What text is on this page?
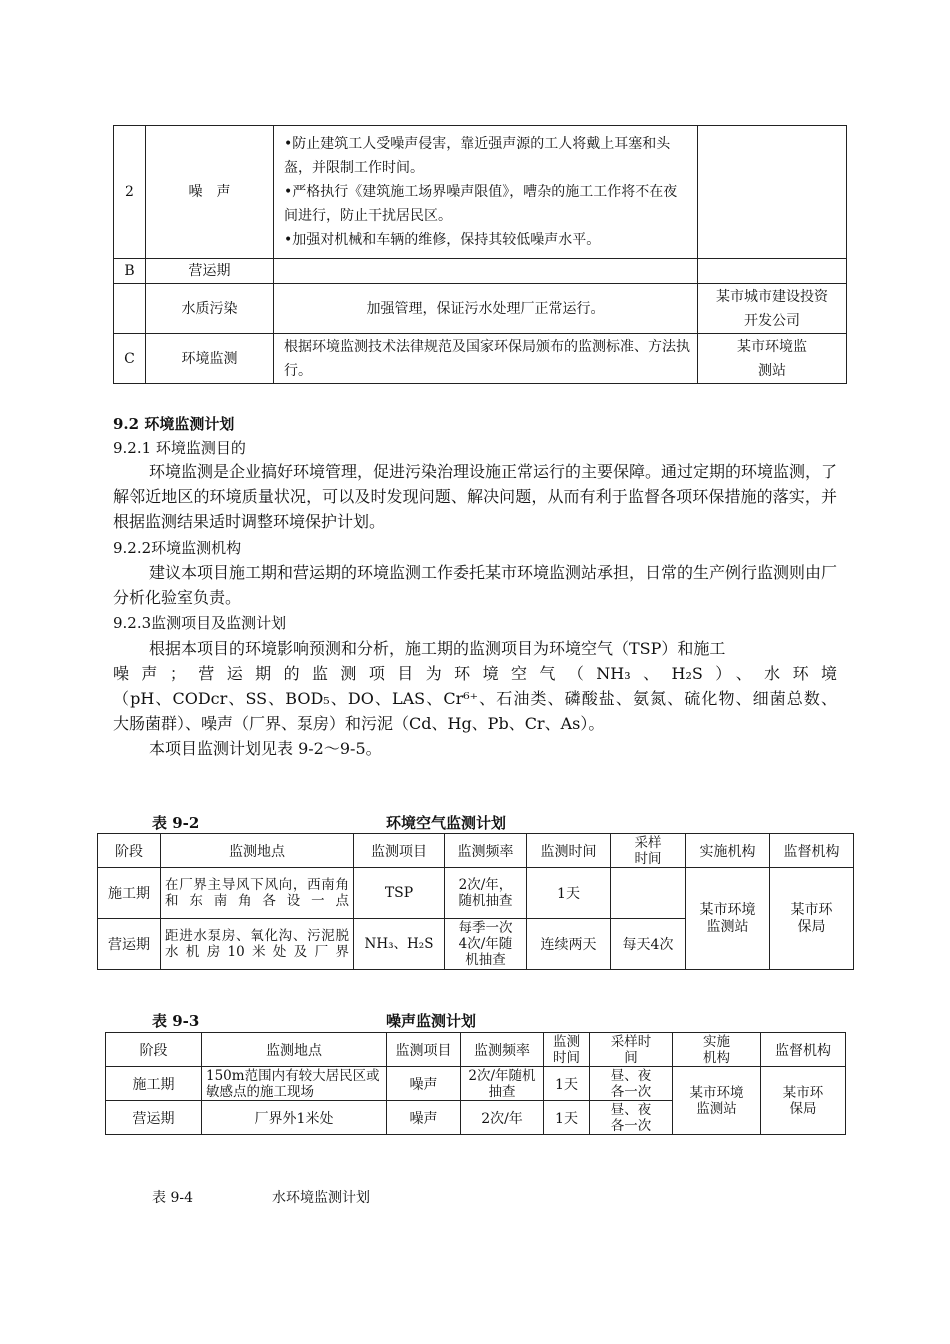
2	噪　声	•防止建筑工人受噪声侵害，靠近强声源的工人将戴上耳塞和头盔，并限制工作时间。
•严格执行《建筑施工场界噪声限值》，嘈杂的施工工作将不在夜间进行，防止干扰居民区。
•加强对机械和车辆的维修，保持其较低噪声水平。	

B	营运期		
	水质污染	加强管理，保证污水处理厂正常运行。	某市城市建设投资开发公司
C	环境监测	根据环境监测技术法律规范及国家环保局颁布的监测标准、方法执行。	某市环境监测站
9.2 环境监测计划
9.2.1 环境监测目的
环境监测是企业搞好环境管理，促进污染治理设施正常运行的主要保障。通过定期的环境监测，了解邻近地区的环境质量状况，可以及时发现问题、解决问题，从而有利于监督各项环保措施的落实，并根据监测结果适时调整环境保护计划。
9.2.2环境监测机构
建议本项目施工期和营运期的环境监测工作委托某市环境监测站承担，日常的生产例行监测则由厂分析化验室负责。
9.2.3监测项目及监测计划
根据本项目的环境影响预测和分析，施工期的监测项目为环境空气（TSP）和施工
噪声；营运期的监测项目为环境空气（NH₃、H₂S）、水环境
（pH、CODcr、SS、BOD₅、DO、LAS、Cr⁶⁺、石油类、磷酸盐、氨氮、硫化物、细菌总数、
大肠菌群）、噪声（厂界、泵房）和污泥（Cd、Hg、Pb、Cr、As）。
本项目监测计划见表 9-2～9-5。
表 9-2	环境空气监测计划
阶段	监测地点	监测项目	监测频率	监测时间	采样时间	实施机构	监督机构
施工期	在厂界主导风下风向，西南角和东南角各设一点	TSP	2次/年，随机抽查	1天		某市环境监测站	某市环保局
营运期	距进水泵房、氧化沟、污泥脱水机房10米处及厂界	NH₃、H₂S	每季一次4次/年随机抽查	连续两天	每天4次		
表 9-3	噪声监测计划
阶段	监测地点	监测项目	监测频率	监测时间	采样时间	实施机构	监督机构
施工期	150m范围内有较大居民区或敏感点的施工现场	噪声	2次/年随机抽查	1天	昼、夜各一次	某市环境监测站	某市环保局
营运期	厂界外1米处	噪声	2次/年	1天	昼、夜各一次		
表 9-4	水环境监测计划
